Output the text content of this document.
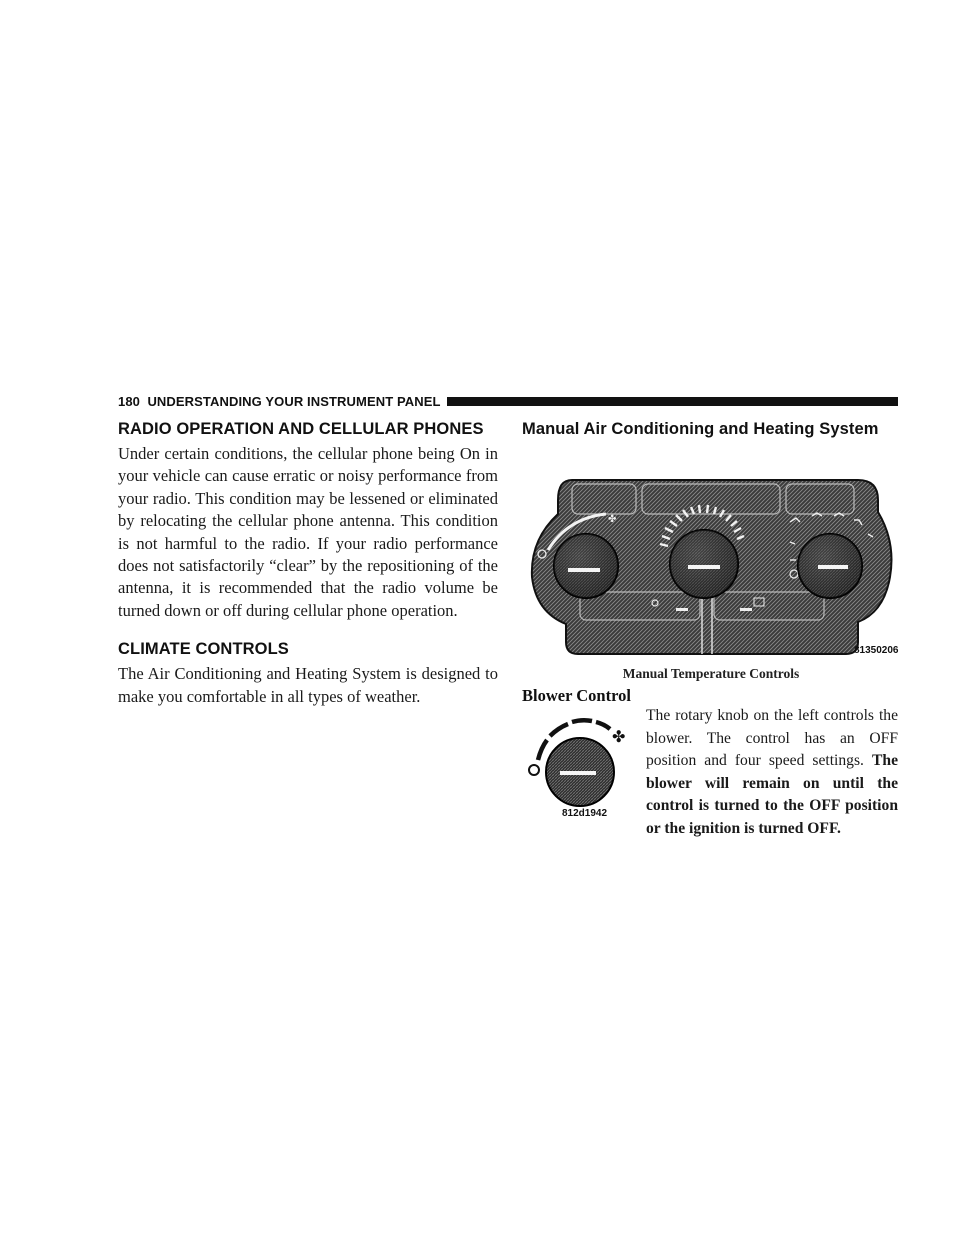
180 UNDERSTANDING YOUR INSTRUMENT PANEL
RADIO OPERATION AND CELLULAR PHONES

Under certain conditions, the cellular phone being On in your vehicle can cause erratic or noisy performance from your radio. This condition may be lessened or eliminated by relocating the cellular phone antenna. This condition is not harmful to the radio. If your radio performance does not satisfactorily “clear” by the repositioning of the antenna, it is recommended that the radio volume be turned down or off during cellular phone operation.

CLIMATE CONTROLS

The Air Conditioning and Heating System is designed to make you comfortable in all types of weather.

Manual Air Conditioning and Heating System
✤
81350206
Manual Temperature Controls
Blower Control
✤
812d1942
The rotary knob on the left controls the blower. The control has an OFF position and four speed settings. The blower will remain on until the control is turned to the OFF position or the ignition is turned OFF.
